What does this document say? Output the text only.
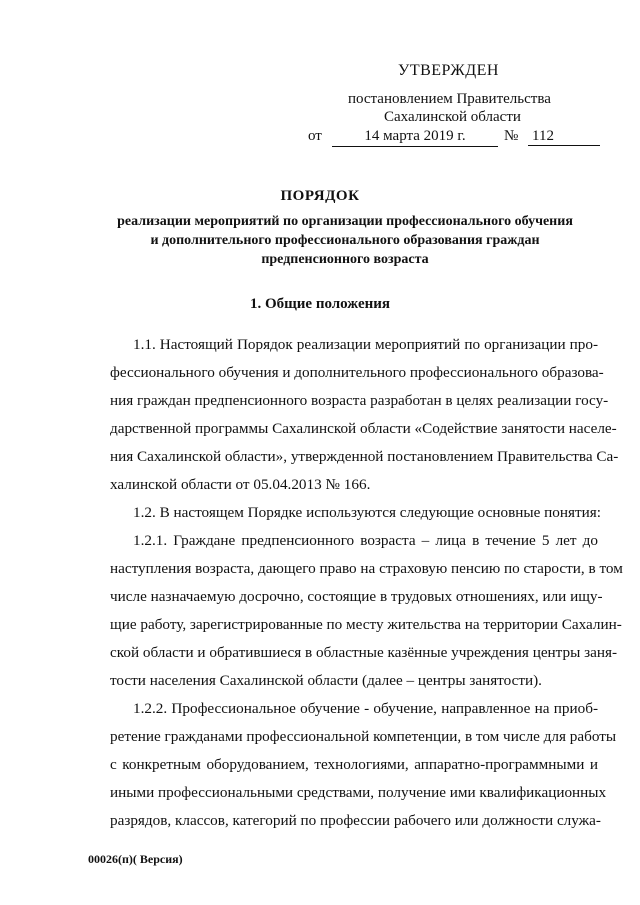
УТВЕРЖДЕН
постановлением Правительства
Сахалинской области
от	14 марта 2019 г.	№ 112
ПОРЯДОК
реализации мероприятий по организации профессионального обучения
и дополнительного профессионального образования граждан
предпенсионного возраста
1. Общие положения
1.1. Настоящий Порядок реализации мероприятий по организации про-
фессионального обучения и дополнительного профессионального образова-
ния граждан предпенсионного возраста разработан в целях реализации госу-
дарственной программы Сахалинской области «Содействие занятости населе-
ния Сахалинской области», утвержденной постановлением Правительства Са-
халинской области от 05.04.2013 № 166.
1.2. В настоящем Порядке используются следующие основные понятия:
1.2.1. Граждане предпенсионного возраста – лица в течение 5 лет до
наступления возраста, дающего право на страховую пенсию по старости, в том
числе назначаемую досрочно, состоящие в трудовых отношениях, или ищу-
щие работу, зарегистрированные по месту жительства на территории Сахалин-
ской области и обратившиеся в областные казённые учреждения центры заня-
тости населения Сахалинской области (далее – центры занятости).
1.2.2. Профессиональное обучение - обучение, направленное на приоб-
ретение гражданами профессиональной компетенции, в том числе для работы
с конкретным оборудованием, технологиями, аппаратно-программными и
иными профессиональными средствами, получение ими квалификационных
разрядов, классов, категорий по профессии рабочего или должности служа-
00026(п)( Версия)
